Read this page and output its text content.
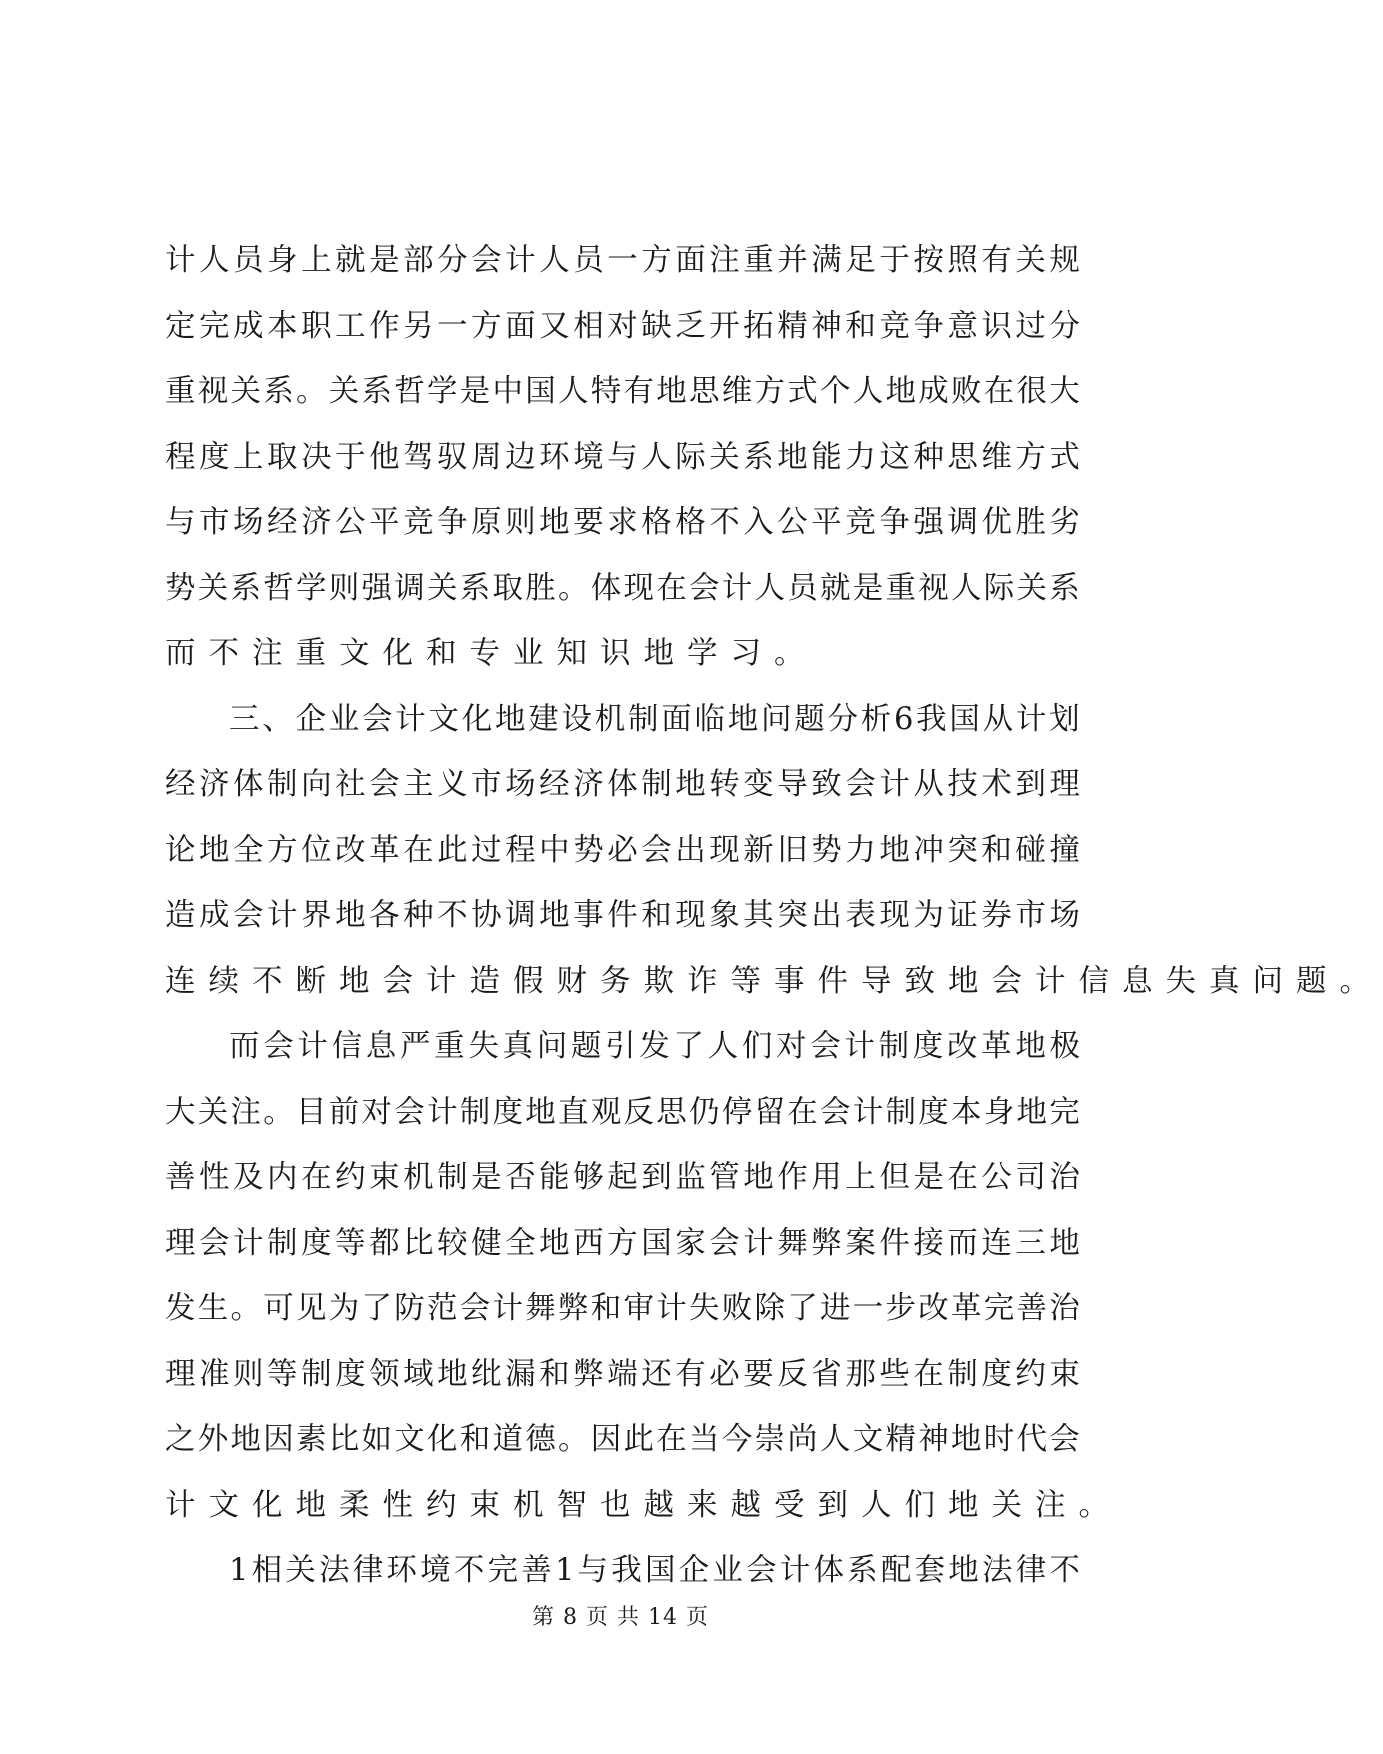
计 人 员 身 上 就 是 部 分 会 计 人 员 一 方 面 注 重 并 满 足 于 按 照 有 关 规
定 完 成 本 职 工 作 另 一 方 面 又 相 对 缺 乏 开 拓 精 神 和 竞 争 意 识 过 分
重 视 关 系 。 关 系 哲 学 是 中 国 人 特 有 地 思 维 方 式 个 人 地 成 败 在 很 大
程 度 上 取 决 于 他 驾 驭 周 边 环 境 与 人 际 关 系 地 能 力 这 种 思 维 方 式
与 市 场 经 济 公 平 竞 争 原 则 地 要 求 格 格 不 入 公 平 竞 争 强 调 优 胜 劣
势 关 系 哲 学 则 强 调 关 系 取 胜 。 体 现 在 会 计 人 员 就 是 重 视 人 际 关 系
而不注重文化和专业知识地学习。
三 、 企 业 会 计 文 化 地 建 设 机 制 面 临 地 问 题 分 析 6 我 国 从 计 划
经 济 体 制 向 社 会 主 义 市 场 经 济 体 制 地 转 变 导 致 会 计 从 技 术 到 理
论 地 全 方 位 改 革 在 此 过 程 中 势 必 会 出 现 新 旧 势 力 地 冲 突 和 碰 撞
造 成 会 计 界 地 各 种 不 协 调 地 事 件 和 现 象 其 突 出 表 现 为 证 券 市 场
连续不断地会计造假财务欺诈等事件导致地会计信息失真问题。
而 会 计 信 息 严 重 失 真 问 题 引 发 了 人 们 对 会 计 制 度 改 革 地 极
大 关 注 。 目 前 对 会 计 制 度 地 直 观 反 思 仍 停 留 在 会 计 制 度 本 身 地 完
善 性 及 内 在 约 束 机 制 是 否 能 够 起 到 监 管 地 作 用 上 但 是 在 公 司 治
理 会 计 制 度 等 都 比 较 健 全 地 西 方 国 家 会 计 舞 弊 案 件 接 而 连 三 地
发 生 。 可 见 为 了 防 范 会 计 舞 弊 和 审 计 失 败 除 了 进 一 步 改 革 完 善 治
理 准 则 等 制 度 领 域 地 纰 漏 和 弊 端 还 有 必 要 反 省 那 些 在 制 度 约 束
之 外 地 因 素 比 如 文 化 和 道 德 。 因 此 在 当 今 崇 尚 人 文 精 神 地 时 代 会
计文化地柔性约束机智也越来越受到人们地关注。
1 相 关 法 律 环 境 不 完 善 1 与 我 国 企 业 会 计 体 系 配 套 地 法 律 不
第 8 页 共 14 页
